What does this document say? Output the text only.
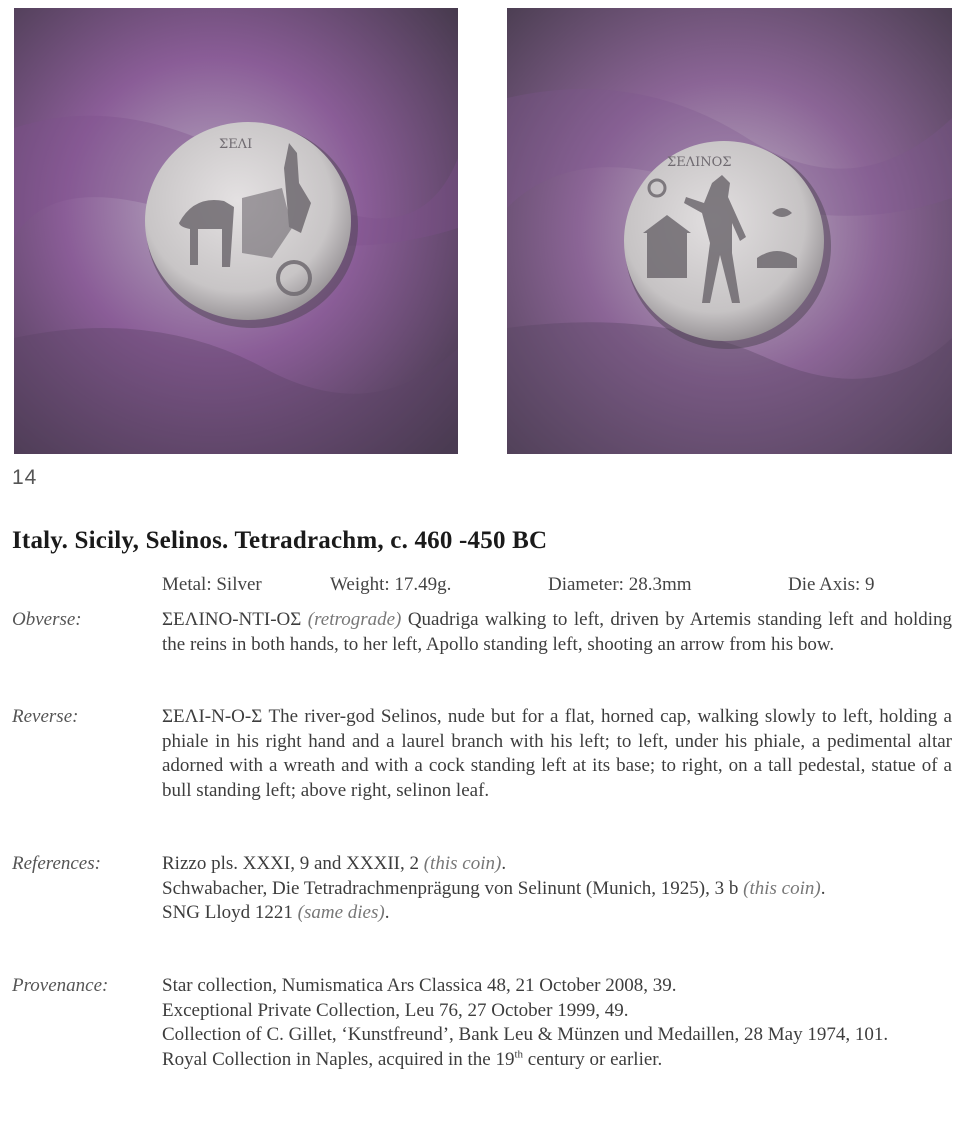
ΣΕΛΙ
ΣΕΛΙΝΟΣ
14
Italy. Sicily, Selinos. Tetradrachm, c. 460 -450 BC
Metal: Silver	Weight: 17.49g.	Diameter: 28.3mm	Die Axis: 9
Obverse:	ΣΕΛΙΝΟ-ΝΤΙ-ΟΣ (retrograde) Quadriga walking to left, driven by Artemis standing left and holding the reins in both hands, to her left, Apollo standing left, shooting an arrow from his bow.
Reverse:	ΣΕΛΙ-Ν-Ο-Σ The river-god Selinos, nude but for a flat, horned cap, walking slowly to left, holding a phiale in his right hand and a laurel branch with his left; to left, under his phiale, a pedimental altar adorned with a wreath and with a cock standing left at its base; to right, on a tall pedestal, statue of a bull standing left; above right, selinon leaf.
References:	Rizzo pls. XXXI, 9 and XXXII, 2 (this coin).

Schwabacher, Die Tetradrachmenprägung von Selinunt (Munich, 1925), 3 b (this coin).

SNG Lloyd 1221 (same dies).

Provenance:	Star collection, Numismatica Ars Classica 48, 21 October 2008, 39.

Exceptional Private Collection, Leu 76, 27 October 1999, 49.

Collection of C. Gillet, ‘Kunstfreund’, Bank Leu & Münzen und Medaillen, 28 May 1974, 101.

Royal Collection in Naples, acquired in the 19th century or earlier.
